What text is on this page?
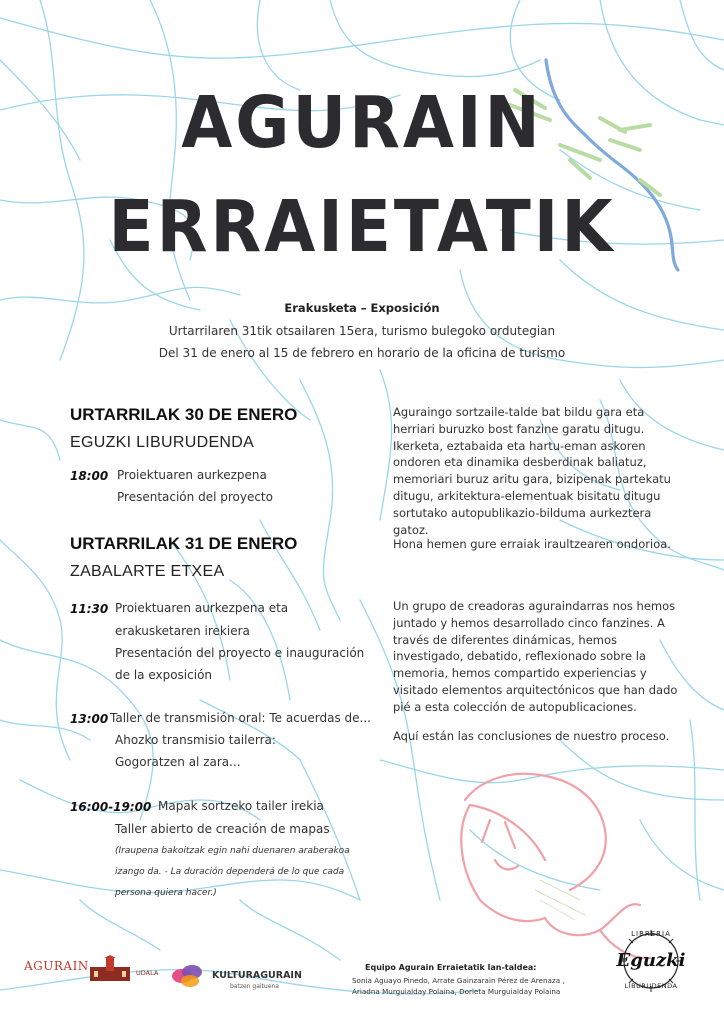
AGURAIN
ERRAIETATIK
Erakusketa – Exposición
Urtarrilaren 31tik otsailaren 15era, turismo bulegoko ordutegian
Del 31 de enero al 15 de febrero en horario de la oficina de turismo
URTARRILAK 30 DE ENERO
EGUZKI LIBURUDENDA
18:00 Proiektuaren aurkezpena
Presentación del proyecto
URTARRILAK 31 DE ENERO
ZABALARTE ETXEA
11:30 Proiektuaren aurkezpena eta
erakusketaren irekiera
Presentación del proyecto e inauguración
de la exposición
13:00 Taller de transmisión oral: Te acuerdas de...
Ahozko transmisio tailerra:
Gogoratzen al zara...
16:00-19:00 Mapak sortzeko tailer irekia
Taller abierto de creación de mapas
(Iraupena bakoitzak egin nahi duenaren araberakoa
izango da. - La duración dependerá de lo que cada
persona quiera hacer.)
Aguraingo sortzaile-talde bat bildu gara eta herriari buruzko bost fanzine garatu ditugu. Ikerketa, eztabaida eta hartu-eman askoren ondoren eta dinamika desberdinak baliatuz, memoriari buruz aritu gara, bizipenak partekatu ditugu, arkitektura-elementuak bisitatu ditugu sortutako autopublikazio-bilduma aurkeztera gatoz.
Hona hemen gure erraiak iraultzearen ondorioa.
Un grupo de creadoras aguraindarras nos hemos juntado y hemos desarrollado cinco fanzines. A través de diferentes dinámicas, hemos investigado, debatido, reflexionado sobre la memoria, hemos compartido experiencias y visitado elementos arquitectónicos que han dado pié a esta colección de autopublicaciones.
Aquí están las conclusiones de nuestro proceso.
AGURAIN	UDALA	KULTURAGURAIN
batzen gaituena
Equipo Agurain Erraietatik lan-taldea:
Sonia Aguayo Pinedo, Arrate Gainzarain Pérez de Arenaza ,
Ariadna Murguialday Polaina, Dorleta Murguialday Polaina
LIBRERIA
Eguzki
LIBURUDENDA
